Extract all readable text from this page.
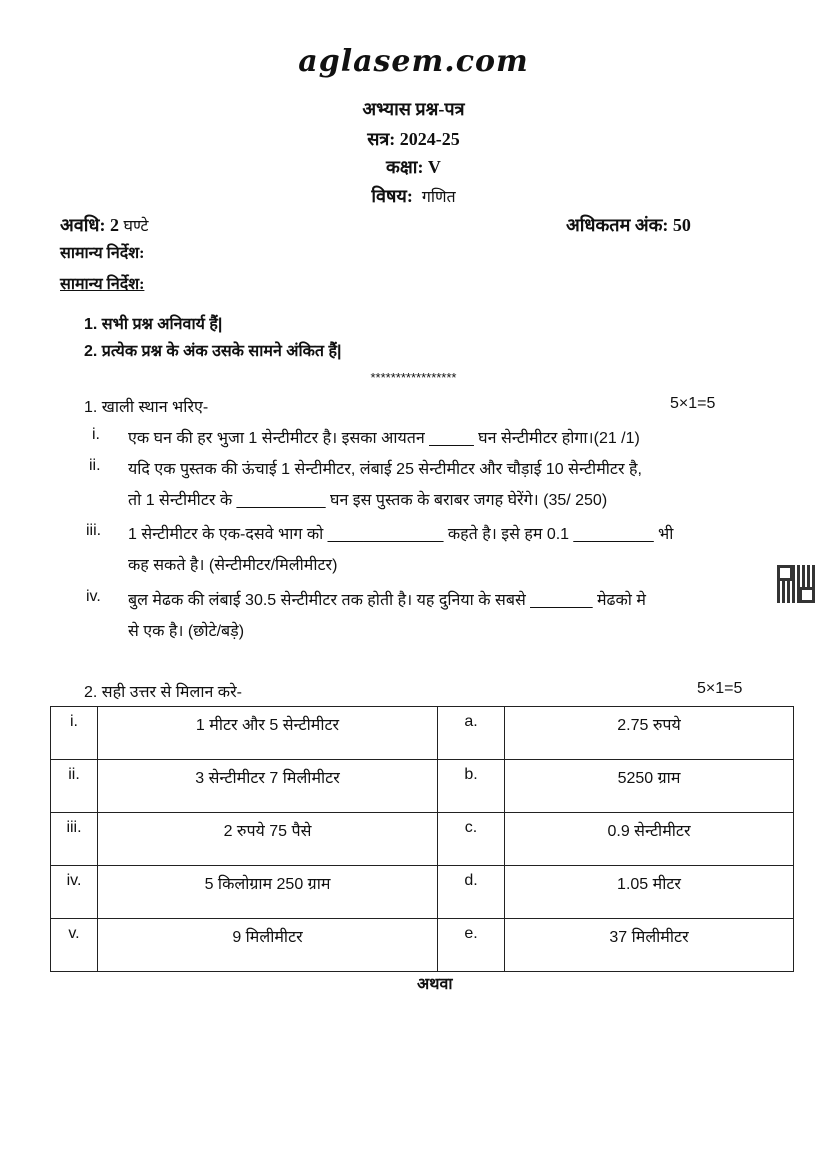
aglasem.com
अभ्यास प्रश्न-पत्र
सत्र: 2024-25
कक्षा: V
विषय: गणित
अवधि: 2 घण्टे	अधिकतम अंक: 50
सामान्य निर्देश:
सामान्य निर्देश:
1. सभी प्रश्न अनिवार्य हैं|
2. प्रत्येक प्रश्न के अंक उसके सामने अंकित हैं|
*****************
1. खाली स्थान भरिए-	5×1=5
i. एक घन की हर भुजा 1 सेन्टीमीटर है। इसका आयतन _____ घन सेन्टीमीटर होगा।(21 /1)
ii. यदि एक पुस्तक की ऊंचाई 1 सेन्टीमीटर, लंबाई 25 सेन्टीमीटर और चौड़ाई 10 सेन्टीमीटर है,
तो 1 सेन्टीमीटर के __________ घन इस पुस्तक के बराबर जगह घेरेंगे। (35/ 250)
iii. 1 सेन्टीमीटर के एक-दसवे भाग को _____________ कहते है। इसे हम 0.1 _________ भी
कह सकते है। (सेन्टीमीटर/मिलीमीटर)
iv. बुल मेढक की लंबाई 30.5 सेन्टीमीटर तक होती है। यह दुनिया के सबसे _______ मेढको मे
से एक है। (छोटे/बड़े)
2. सही उत्तर से मिलान करे-	5×1=5
i.	1 मीटर और 5 सेन्टीमीटर	a.	2.75 रुपये
ii.	3 सेन्टीमीटर 7 मिलीमीटर	b.	5250 ग्राम
iii.	2 रुपये 75 पैसे	c.	0.9 सेन्टीमीटर
iv.	5 किलोग्राम 250 ग्राम	d.	1.05 मीटर
v.	9 मिलीमीटर	e.	37 मिलीमीटर
अथवा
